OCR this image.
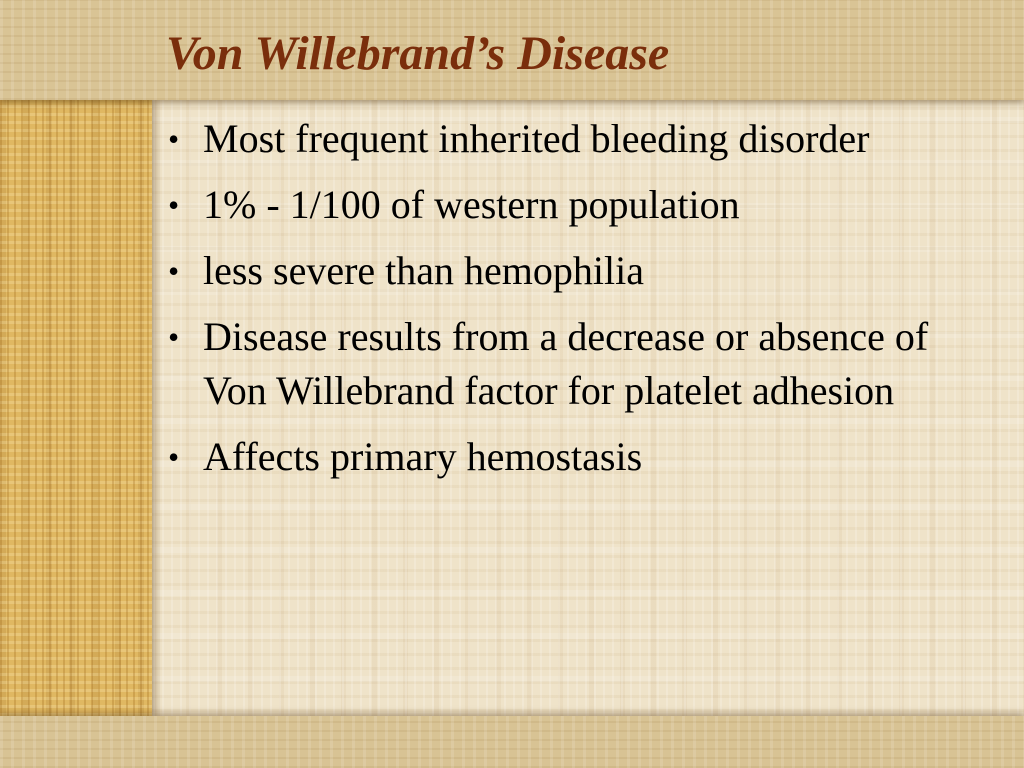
Von Willebrand’s Disease
• Most frequent inherited bleeding disorder
• 1% - 1/100 of western population
• less severe than hemophilia
• Disease results from a decrease or absence of Von Willebrand factor for platelet adhesion
• Affects primary hemostasis
